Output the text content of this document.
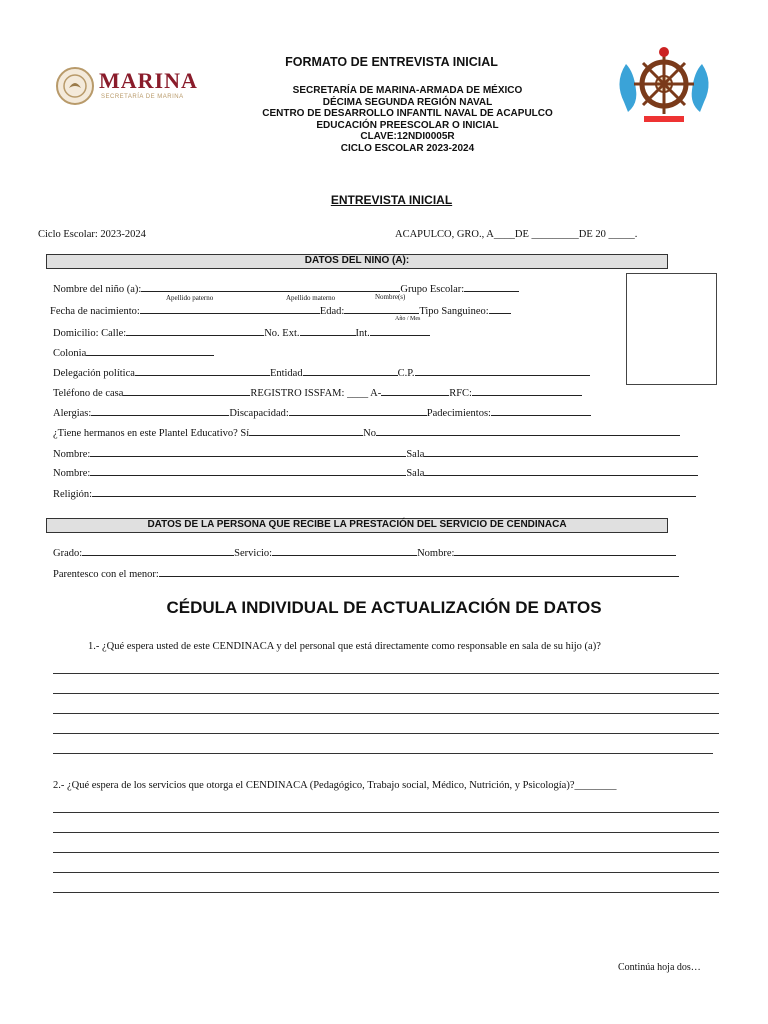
MARINA
SECRETARÍA DE MARINA
FORMATO DE ENTREVISTA INICIAL
SECRETARÍA DE MARINA-ARMADA DE MÉXICO
DÉCIMA SEGUNDA REGIÓN NAVAL
CENTRO DE DESARROLLO INFANTIL NAVAL DE ACAPULCO
EDUCACIÓN PREESCOLAR O INICIAL
CLAVE:12NDI0005R
CICLO ESCOLAR 2023-2024
ENTREVISTA INICIAL
Ciclo Escolar: 2023-2024	ACAPULCO, GRO., A____DE _________DE 20 _____.
DATOS DEL NINO (A):
Nombre del niño (a):	Grupo Escolar:
Apellido paterno	Apellido materno	Nombre(s)
Fecha de nacimiento:	Edad:	Tipo Sanguineo:
Año / Mes
Domicilio: Calle:	No. Ext.	Int.
Colonia
Delegación política	Entidad	C.P.
Teléfono de casa	REGISTRO ISSFAM: ____ A-	RFC:
Alergias:	Discapacidad:	Padecimientos:
¿Tiene hermanos en este Plantel Educativo? Sí	No
Nombre:	Sala
Nombre:	Sala
Religión:
DATOS DE LA PERSONA QUE RECIBE LA PRESTACIÓN DEL SERVICIO DE CENDINACA
Grado:	Servicio:	Nombre:
Parentesco con el menor:
CÉDULA INDIVIDUAL DE ACTUALIZACIÓN DE DATOS
1.- ¿Qué espera usted de este CENDINACA y del personal que está directamente como responsable en sala de su hijo (a)?
2.- ¿Qué espera de los servicios que otorga el CENDINACA (Pedagógico, Trabajo social, Médico, Nutrición, y Psicología)?________
Continúa hoja dos…
